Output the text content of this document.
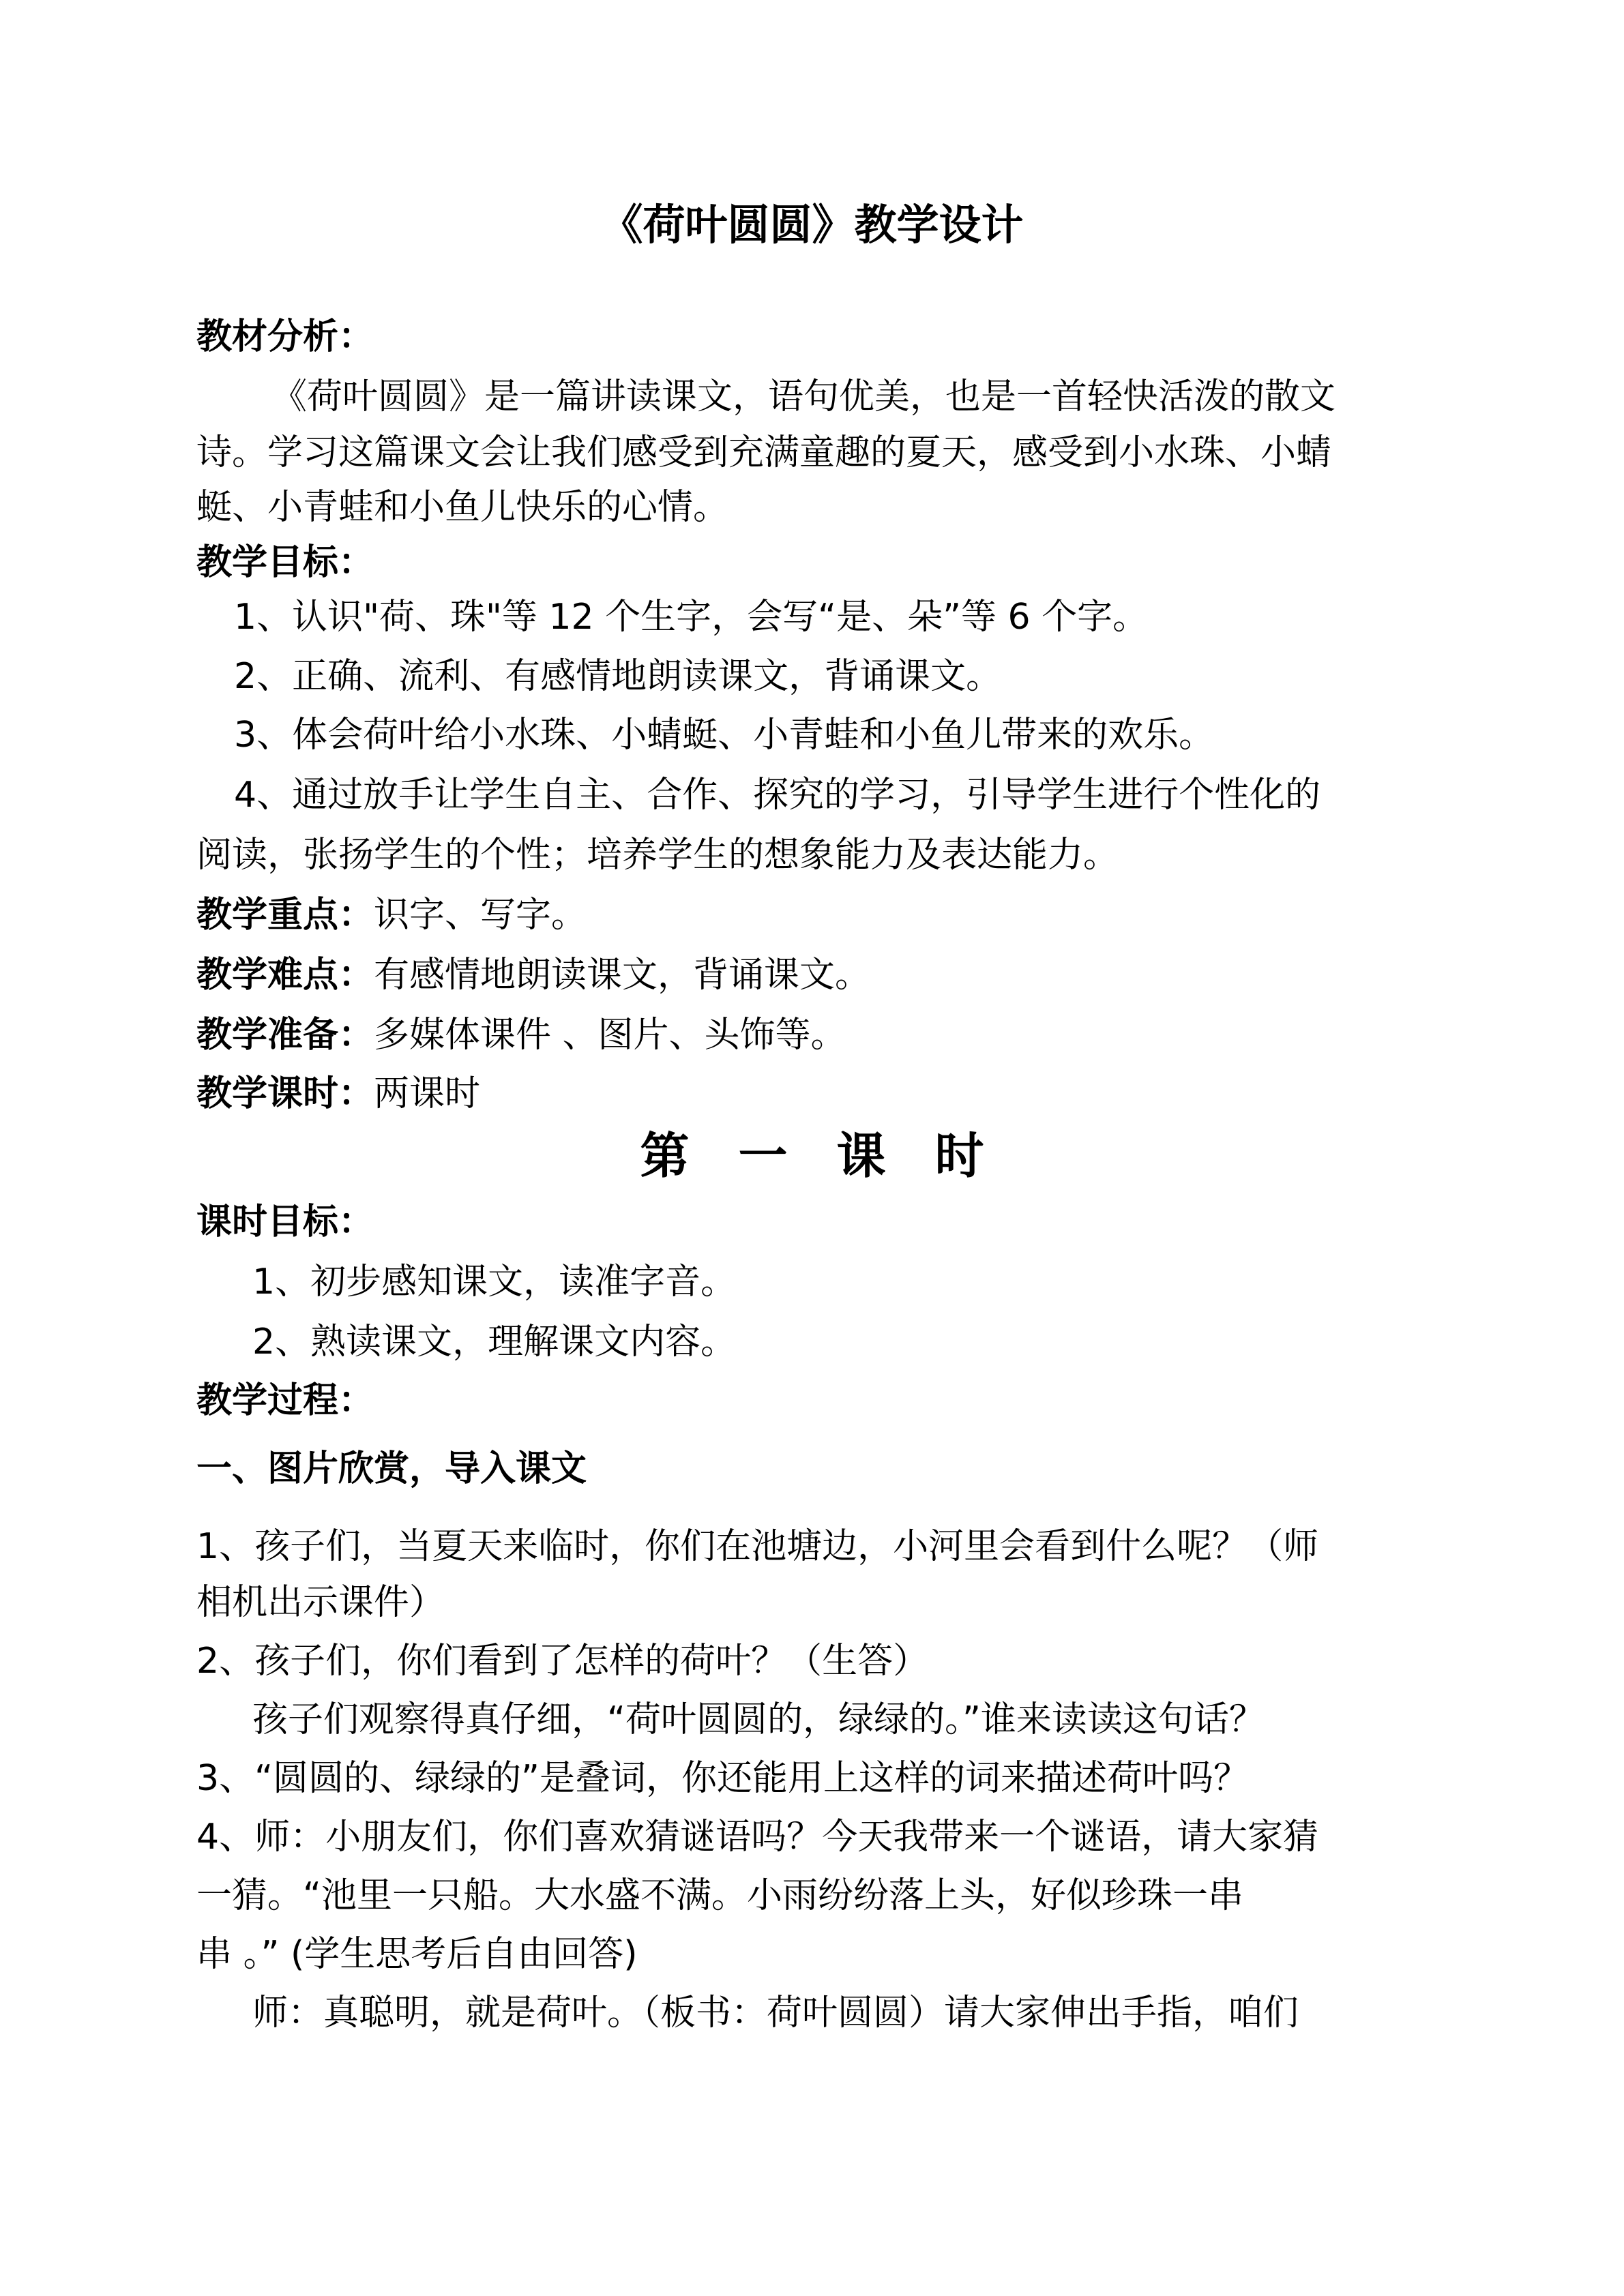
《荷叶圆圆》教学设计
教材分析：
《荷叶圆圆》是一篇讲读课文，语句优美，也是一首轻快活泼的散文
诗。学习这篇课文会让我们感受到充满童趣的夏天，感受到小水珠、小蜻
蜓、小青蛙和小鱼儿快乐的心情。
教学目标：
1、认识"荷、珠"等 12 个生字，会写“是、朵”等 6 个字。
2、正确、流利、有感情地朗读课文，背诵课文。
3、体会荷叶给小水珠、小蜻蜓、小青蛙和小鱼儿带来的欢乐。
4、通过放手让学生自主、合作、探究的学习，引导学生进行个性化的
阅读，张扬学生的个性；培养学生的想象能力及表达能力。
教学重点：识字、写字。
教学难点：有感情地朗读课文，背诵课文。
教学准备：多媒体课件 、图片、头饰等。
教学课时：两课时
第 一 课 时
课时目标：
1、初步感知课文，读准字音。
2、熟读课文，理解课文内容。
教学过程：
一、图片欣赏，导入课文
1、孩子们，当夏天来临时，你们在池塘边，小河里会看到什么呢？（师
相机出示课件）
2、孩子们，你们看到了怎样的荷叶？（生答）
孩子们观察得真仔细，“荷叶圆圆的，绿绿的。”谁来读读这句话？
3、“圆圆的、绿绿的”是叠词，你还能用上这样的词来描述荷叶吗？
4、师：小朋友们，你们喜欢猜谜语吗？今天我带来一个谜语，请大家猜
一猜。“池里一只船。大水盛不满。小雨纷纷落上头，好似珍珠一串
串 。” (学生思考后自由回答)
师：真聪明，就是荷叶。（板书：荷叶圆圆）请大家伸出手指，咱们
